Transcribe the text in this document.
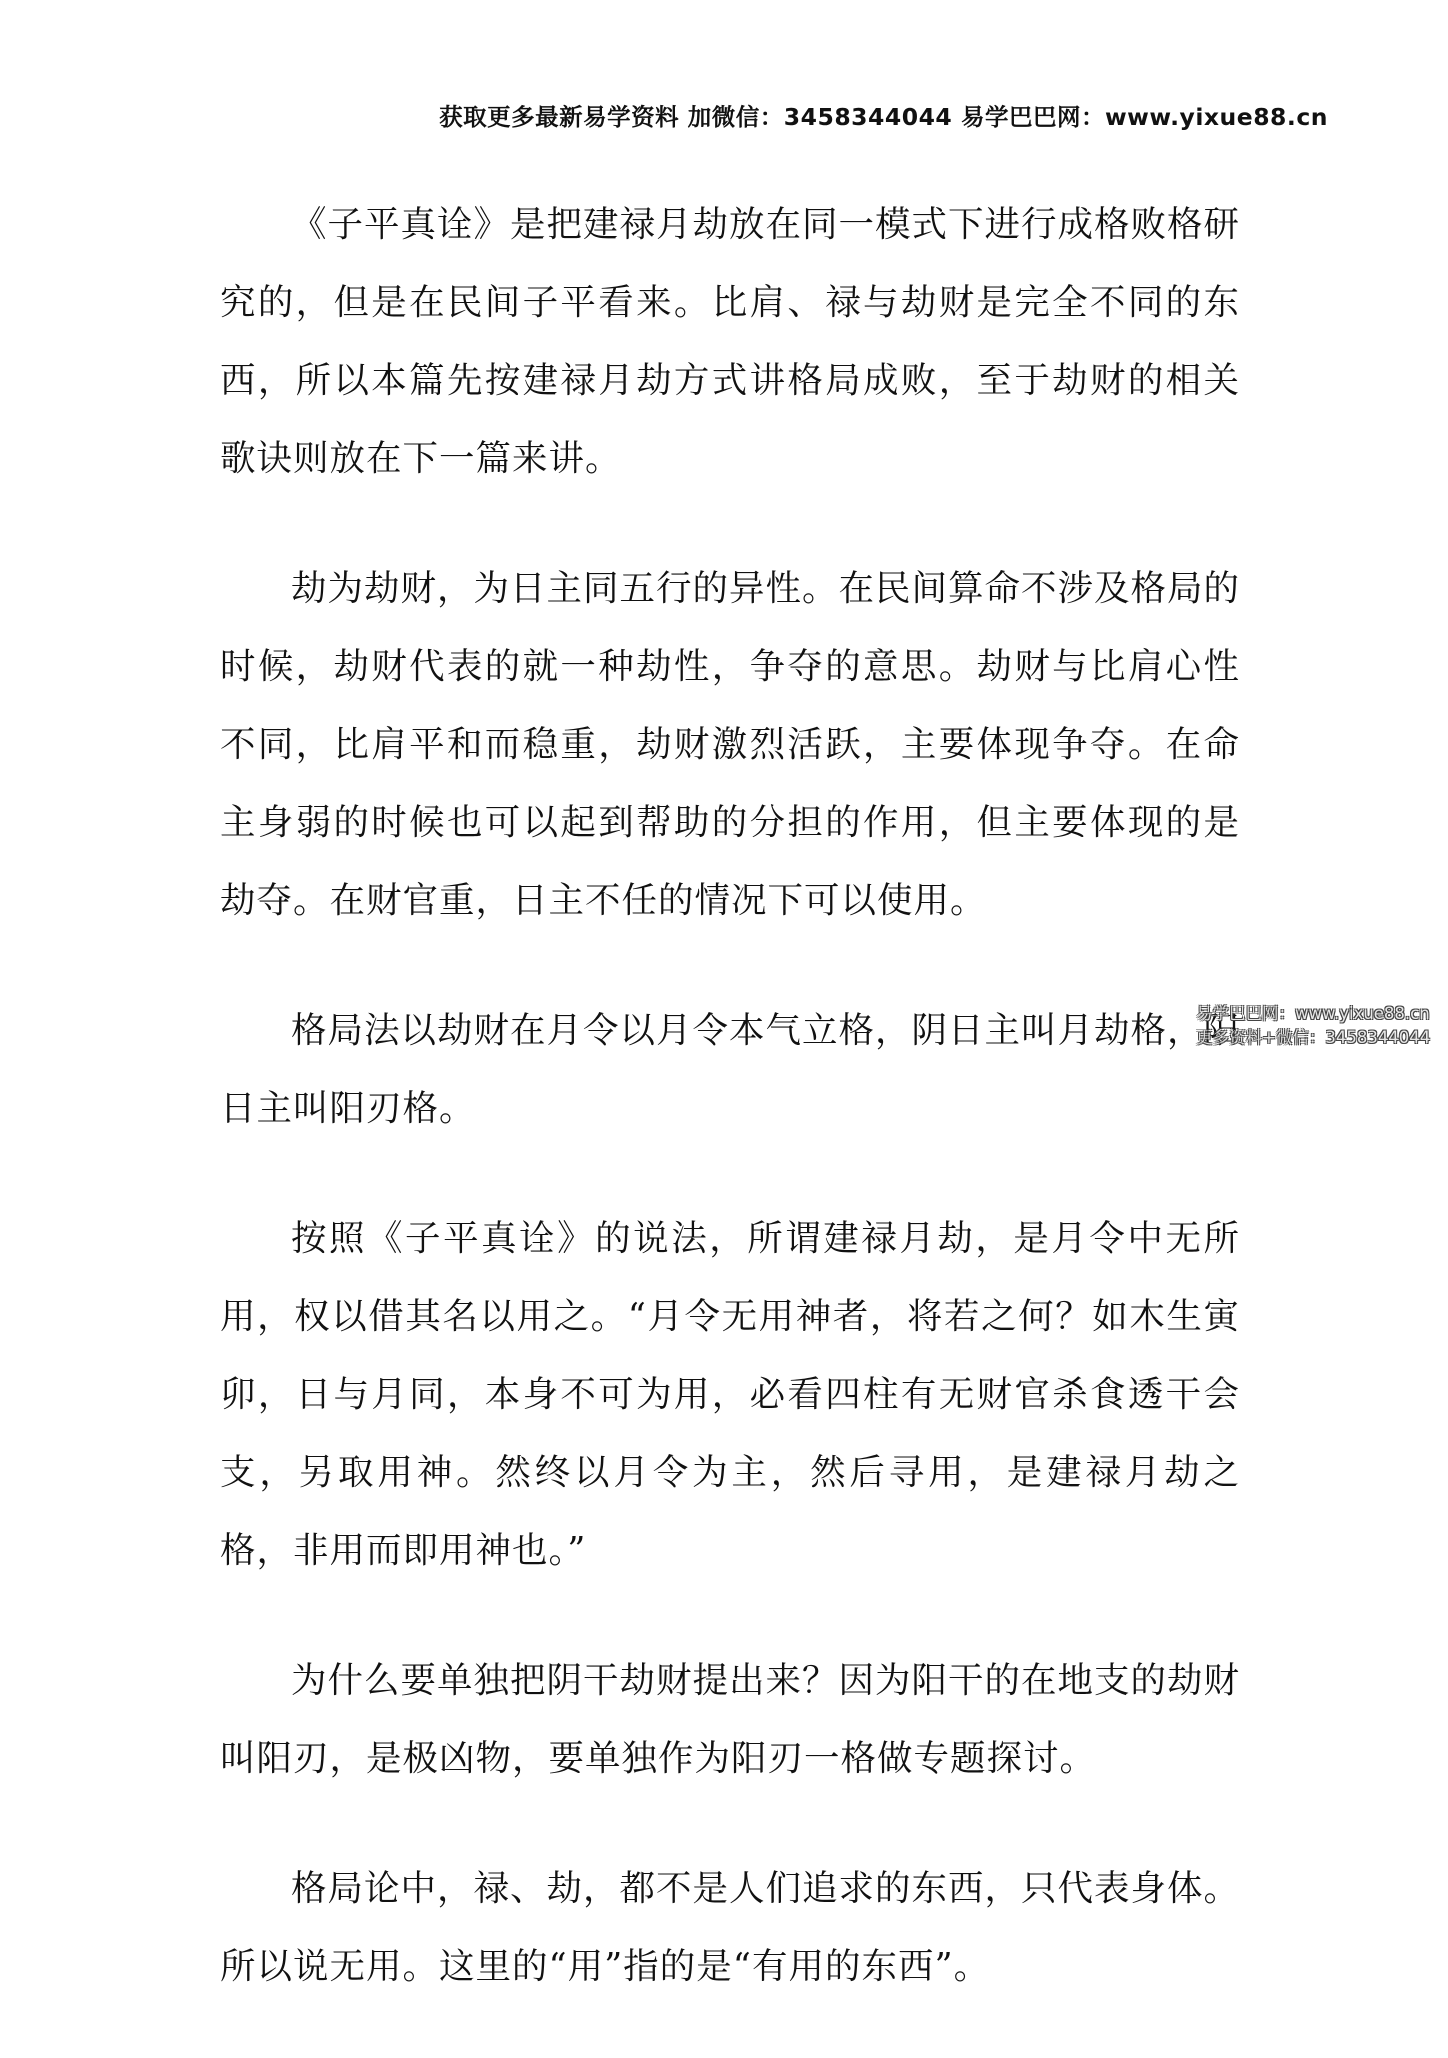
获取更多最新易学资料 加微信：3458344044 易学巴巴网：www.yixue88.cn

《子平真诠》是把建禄月劫放在同一模式下进行成格败格研究的，但是在民间子平看来。比肩、禄与劫财是完全不同的东西，所以本篇先按建禄月劫方式讲格局成败，至于劫财的相关歌诀则放在下一篇来讲。

劫为劫财，为日主同五行的异性。在民间算命不涉及格局的时候，劫财代表的就一种劫性，争夺的意思。劫财与比肩心性不同，比肩平和而稳重，劫财激烈活跃，主要体现争夺。在命主身弱的时候也可以起到帮助的分担的作用，但主要体现的是劫夺。在财官重，日主不任的情况下可以使用。

格局法以劫财在月令以月令本气立格，阴日主叫月劫格，阳日主叫阳刃格。

按照《子平真诠》的说法，所谓建禄月劫，是月令中无所用，权以借其名以用之。“月令无用神者，将若之何？如木生寅卯，日与月同，本身不可为用，必看四柱有无财官杀食透干会支，另取用神。然终以月令为主，然后寻用，是建禄月劫之格，非用而即用神也。”

为什么要单独把阴干劫财提出来？因为阳干的在地支的劫财叫阳刃，是极凶物，要单独作为阳刃一格做专题探讨。

格局论中，禄、劫，都不是人们追求的东西，只代表身体。所以说无用。这里的“用”指的是“有用的东西”。

易学巴巴网：www.yixue88.cn
更多资料+微信：3458344044
